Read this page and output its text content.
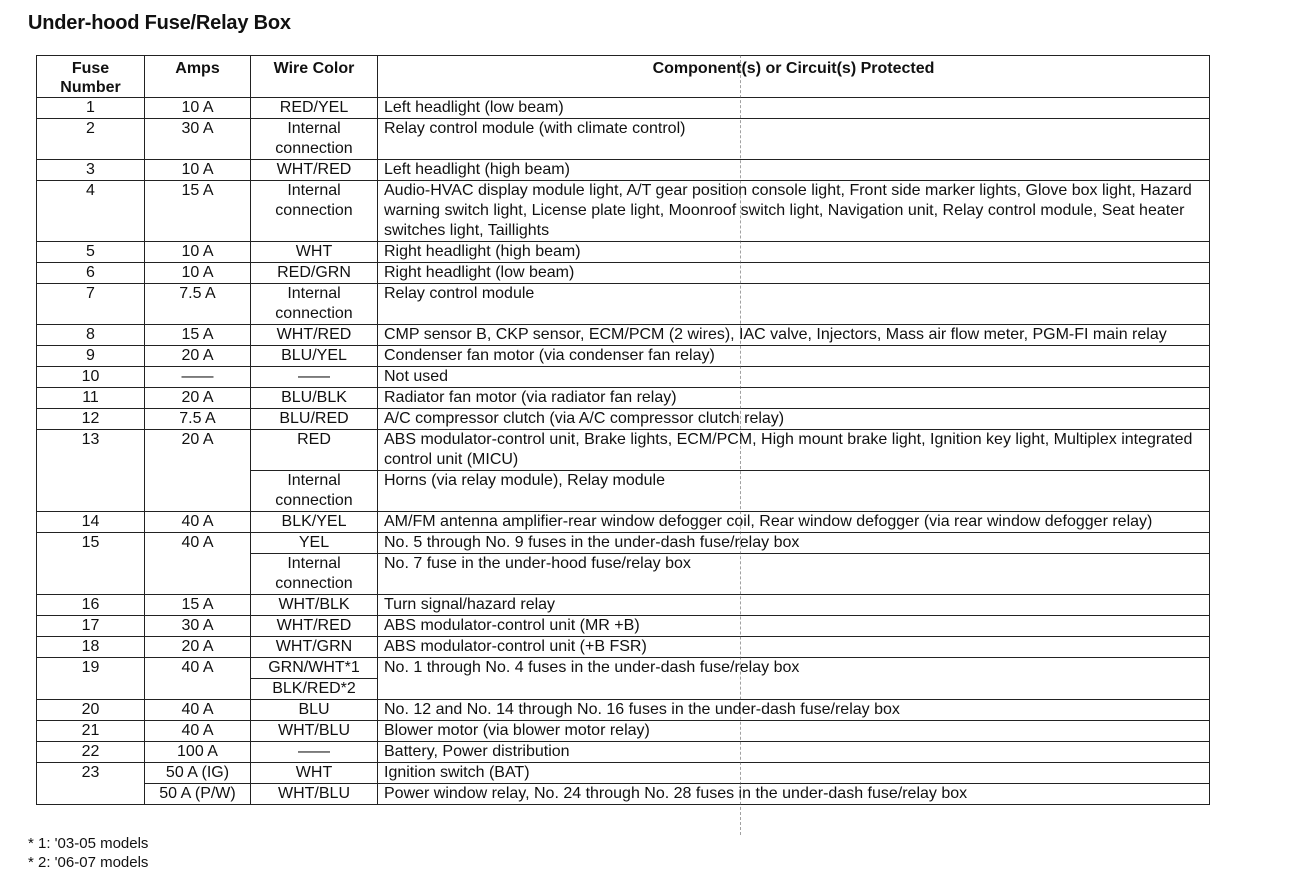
Under-hood Fuse/Relay Box
Fuse Number	Amps	Wire Color	Component(s) or Circuit(s) Protected
1	10 A	RED/YEL	Left headlight (low beam)
2	30 A	Internal connection	Relay control module (with climate control)
3	10 A	WHT/RED	Left headlight (high beam)
4	15 A	Internal connection	Audio-HVAC display module light, A/T gear position console light, Front side marker lights, Glove box light, Hazard warning switch light, License plate light, Moonroof switch light, Navigation unit, Relay control module, Seat heater switches light, Taillights
5	10 A	WHT	Right headlight (high beam)
6	10 A	RED/GRN	Right headlight (low beam)
7	7.5 A	Internal connection	Relay control module
8	15 A	WHT/RED	CMP sensor B, CKP sensor, ECM/PCM (2 wires), IAC valve, Injectors, Mass air flow meter, PGM-FI main relay
9	20 A	BLU/YEL	Condenser fan motor (via condenser fan relay)
10	——	——	Not used
11	20 A	BLU/BLK	Radiator fan motor (via radiator fan relay)
12	7.5 A	BLU/RED	A/C compressor clutch (via A/C compressor clutch relay)
13	20 A	RED	ABS modulator-control unit, Brake lights, ECM/PCM, High mount brake light, Ignition key light, Multiplex integrated control unit (MICU)
		Internal connection	Horns (via relay module), Relay module
14	40 A	BLK/YEL	AM/FM antenna amplifier-rear window defogger coil, Rear window defogger (via rear window defogger relay)
15	40 A	YEL	No. 5 through No. 9 fuses in the under-dash fuse/relay box
		Internal connection	No. 7 fuse in the under-hood fuse/relay box
16	15 A	WHT/BLK	Turn signal/hazard relay
17	30 A	WHT/RED	ABS modulator-control unit (MR +B)
18	20 A	WHT/GRN	ABS modulator-control unit (+B FSR)
19	40 A	GRN/WHT*1	No. 1 through No. 4 fuses in the under-dash fuse/relay box
		BLK/RED*2	
20	40 A	BLU	No. 12 and No. 14 through No. 16 fuses in the under-dash fuse/relay box
21	40 A	WHT/BLU	Blower motor (via blower motor relay)
22	100 A	——	Battery, Power distribution
23	50 A (IG)	WHT	Ignition switch (BAT)
	50 A (P/W)	WHT/BLU	Power window relay, No. 24 through No. 28 fuses in the under-dash fuse/relay box
* 1: '03-05 models
* 2: '06-07 models
